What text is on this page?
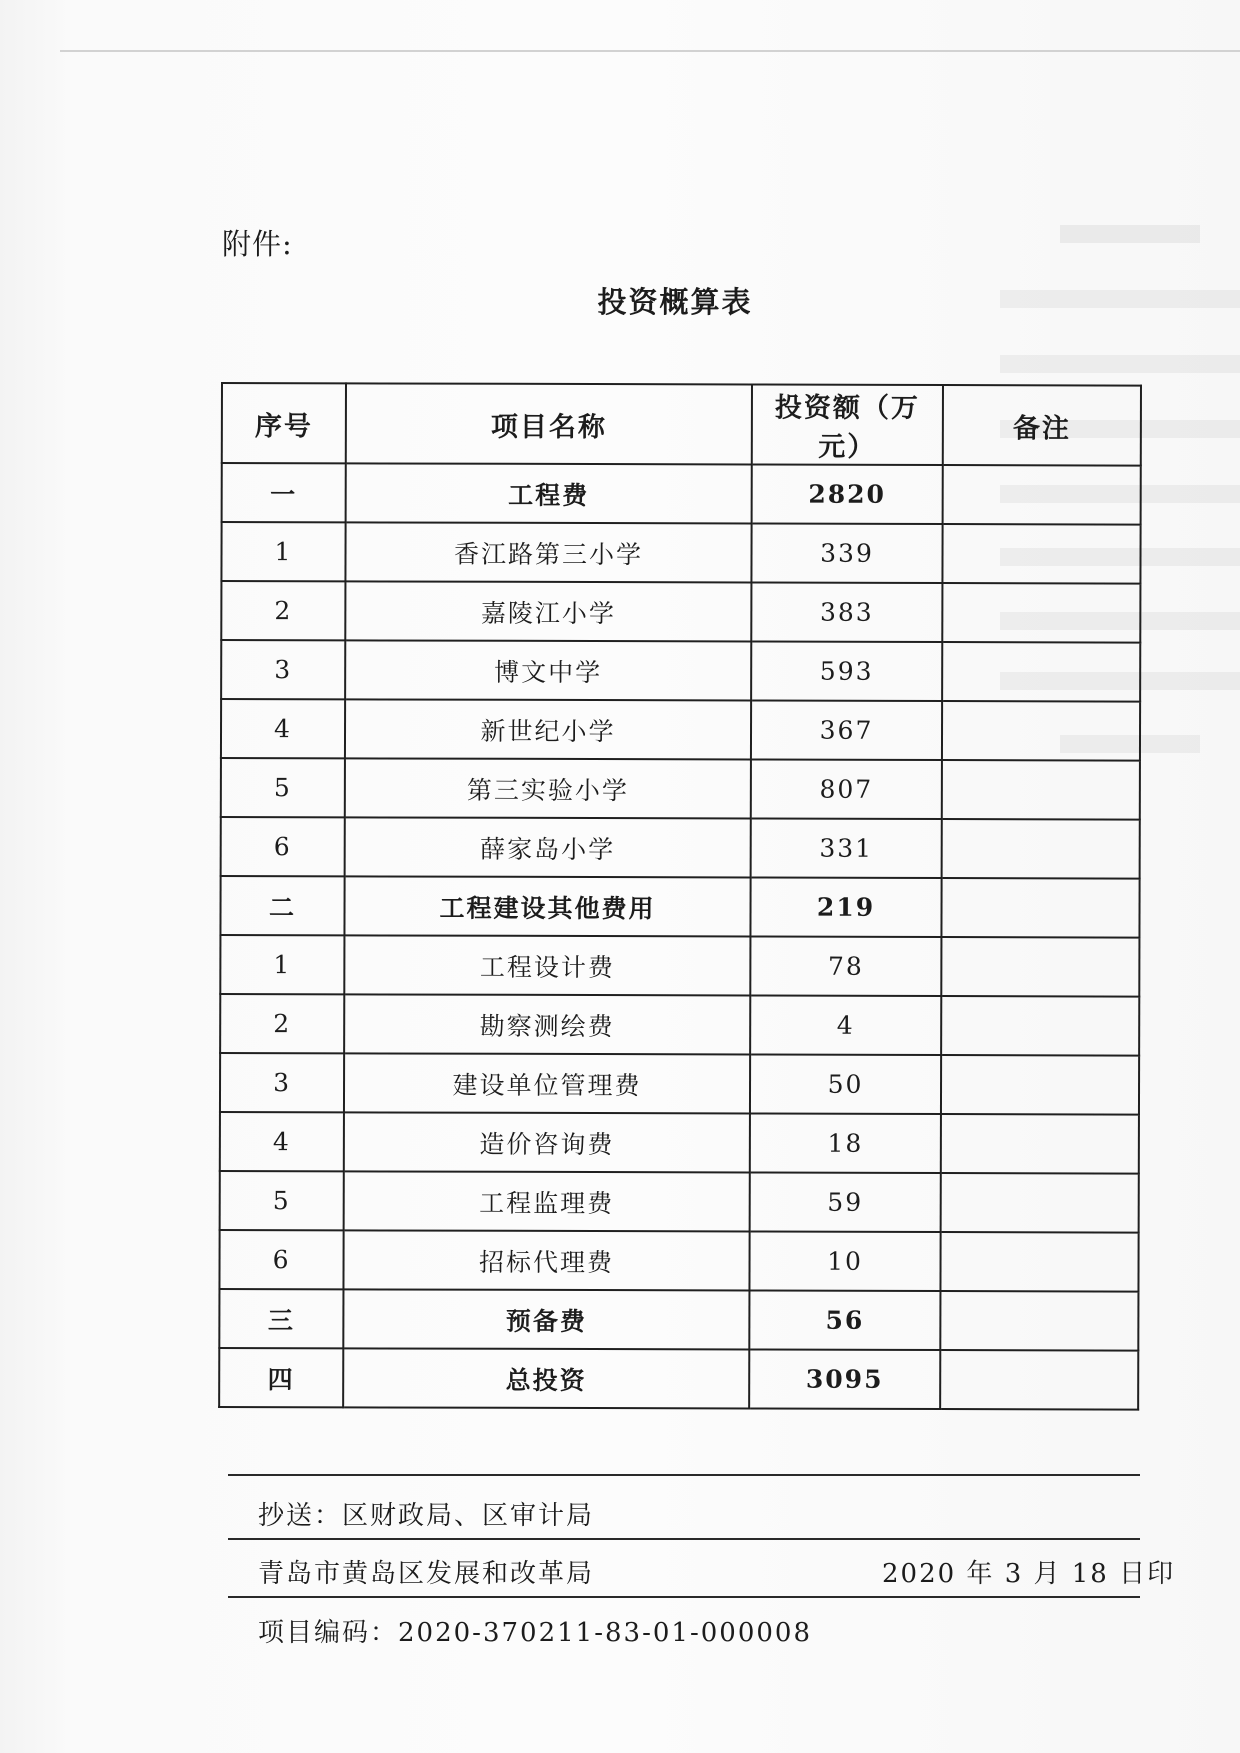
附件:
投资概算表
序号	项目名称	投资额（万元）	备注
一	工程费	2820	
1	香江路第三小学	339	
2	嘉陵江小学	383	
3	博文中学	593	
4	新世纪小学	367	
5	第三实验小学	807	
6	薛家岛小学	331	
二	工程建设其他费用	219	
1	工程设计费	78	
2	勘察测绘费	4	
3	建设单位管理费	50	
4	造价咨询费	18	
5	工程监理费	59	
6	招标代理费	10	
三	预备费	56	
四	总投资	3095	
抄送：区财政局、区审计局
青岛市黄岛区发展和改革局	2020 年 3 月 18 日印
项目编码：2020-370211-83-01-000008
